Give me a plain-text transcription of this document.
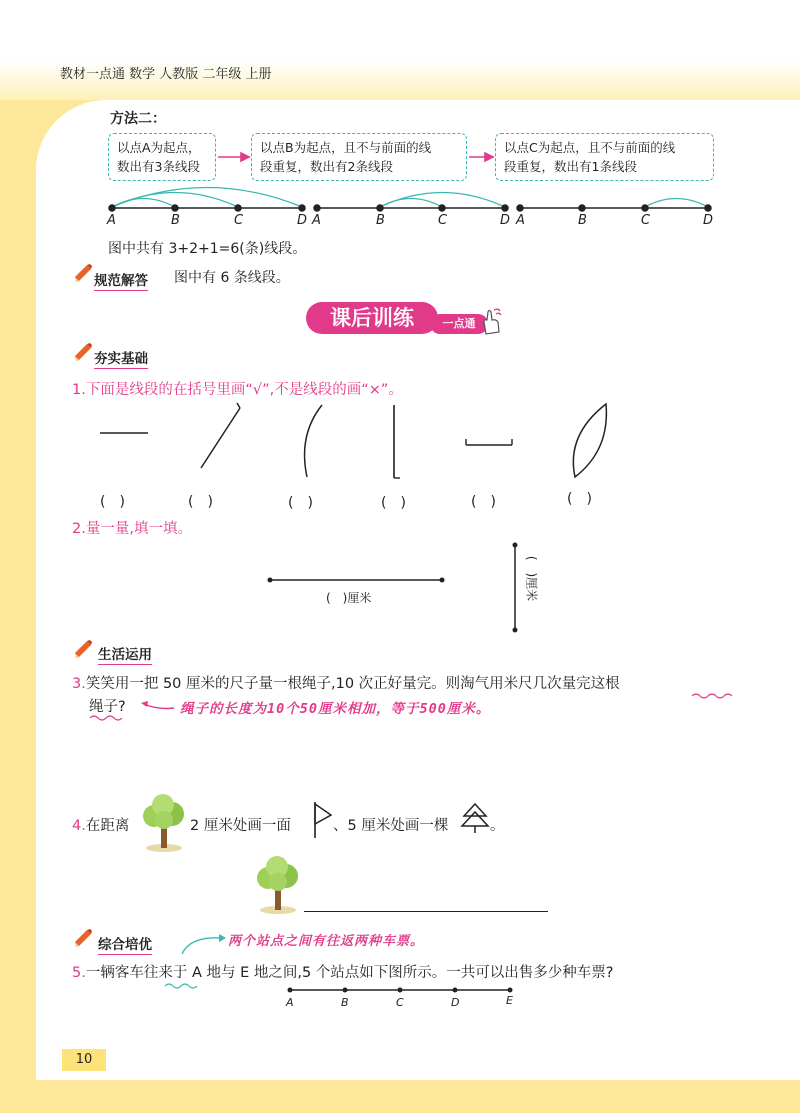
教材一点通 数学 人教版 二年级 上册
方法二：
以点A为起点，
数出有3条线段
以点B为起点，且不与前面的线
段重复，数出有2条线段
以点C为起点，且不与前面的线
段重复，数出有1条线段
A	B	C	D A	B	C	D A	B	C	D
图中共有 3+2+1=6(条)线段。
规范解答 图中有 6 条线段。
课后训练	一点通
夯实基础
1.下面是线段的在括号里画“√”,不是线段的画“×”。
(　)	(　)	(　)	(　)	(　)	(　)
2.量一量,填一填。
(　)厘米	(　)厘米
生活运用
3.笑笑用一把 50 厘米的尺子量一根绳子,10 次正好量完。则淘气用米尺几次量完这根
绳子?	绳子的长度为10个50厘米相加，等于500厘米。
4.在距离	2 厘米处画一面	、5 厘米处画一棵	。
综合培优	两个站点之间有往返两种车票。
5.一辆客车往来于 A 地与 E 地之间,5 个站点如下图所示。一共可以出售多少种车票?
A	B	C	D	E
10
